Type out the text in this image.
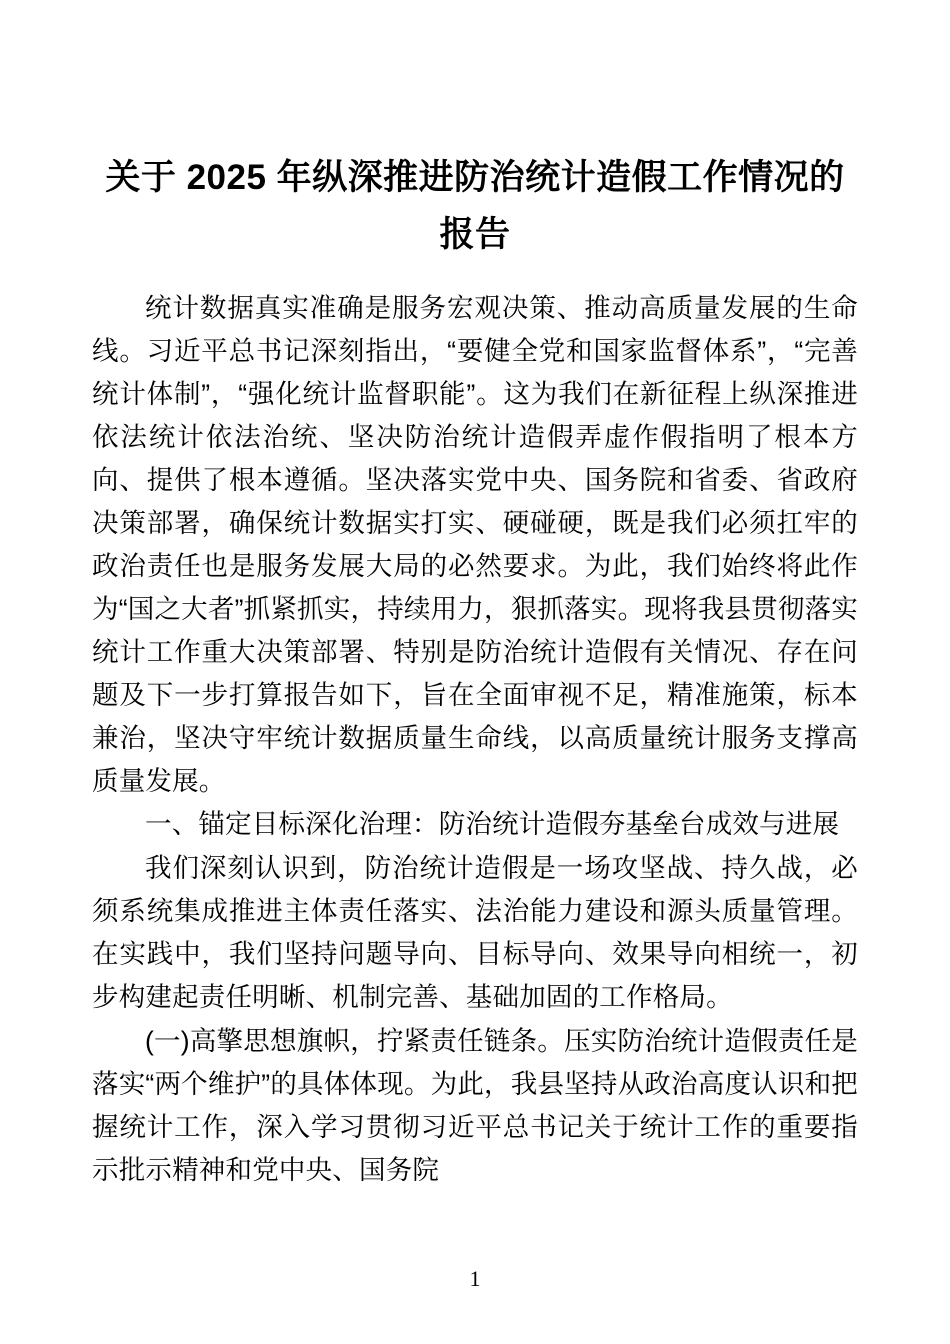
关于 2025 年纵深推进防治统计造假工作情况的报告

统计数据真实准确是服务宏观决策、推动高质量发展的生命线。习近平总书记深刻指出，“要健全党和国家监督体系”，“完善统计体制”，“强化统计监督职能”。这为我们在新征程上纵深推进依法统计依法治统、坚决防治统计造假弄虚作假指明了根本方向、提供了根本遵循。坚决落实党中央、国务院和省委、省政府决策部署，确保统计数据实打实、硬碰硬，既是我们必须扛牢的政治责任也是服务发展大局的必然要求。为此，我们始终将此作为“国之大者”抓紧抓实，持续用力，狠抓落实。现将我县贯彻落实统计工作重大决策部署、特别是防治统计造假有关情况、存在问题及下一步打算报告如下，旨在全面审视不足，精准施策，标本兼治，坚决守牢统计数据质量生命线，以高质量统计服务支撑高质量发展。

一、锚定目标深化治理：防治统计造假夯基垒台成效与进展

我们深刻认识到，防治统计造假是一场攻坚战、持久战，必须系统集成推进主体责任落实、法治能力建设和源头质量管理。在实践中，我们坚持问题导向、目标导向、效果导向相统一，初步构建起责任明晰、机制完善、基础加固的工作格局。

(一)高擎思想旗帜，拧紧责任链条。压实防治统计造假责任是落实“两个维护”的具体体现。为此，我县坚持从政治高度认识和把握统计工作，深入学习贯彻习近平总书记关于统计工作的重要指示批示精神和党中央、国务院

1
